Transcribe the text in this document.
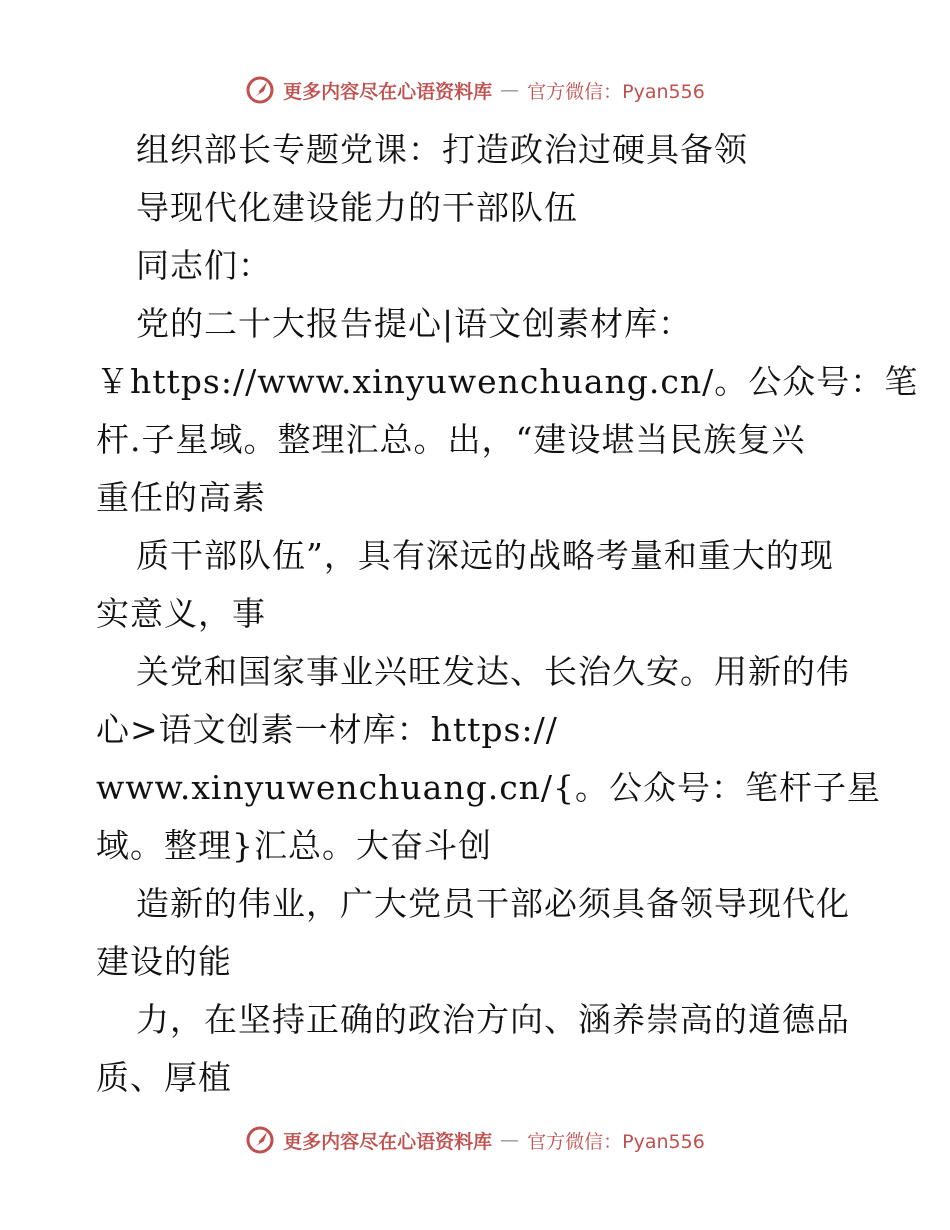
更多内容尽在心语资料库 — 官方微信：Pyan556
组织部长专题党课：打造政治过硬具备领
导现代化建设能力的干部队伍
同志们：
党的二十大报告提心|语文创素材库：
￥https://www.xinyuwenchuang.cn/。公众号：笔
杆.子星域。整理汇总。出，“建设堪当民族复兴
重任的高素
质干部队伍”，具有深远的战略考量和重大的现
实意义，事
关党和国家事业兴旺发达、长治久安。用新的伟
心>语文创素一材库：https://
www.xinyuwenchuang.cn/{。公众号：笔杆子星
域。整理}汇总。大奋斗创
造新的伟业，广大党员干部必须具备领导现代化
建设的能
力，在坚持正确的政治方向、涵养崇高的道德品
质、厚植
更多内容尽在心语资料库 — 官方微信：Pyan556
